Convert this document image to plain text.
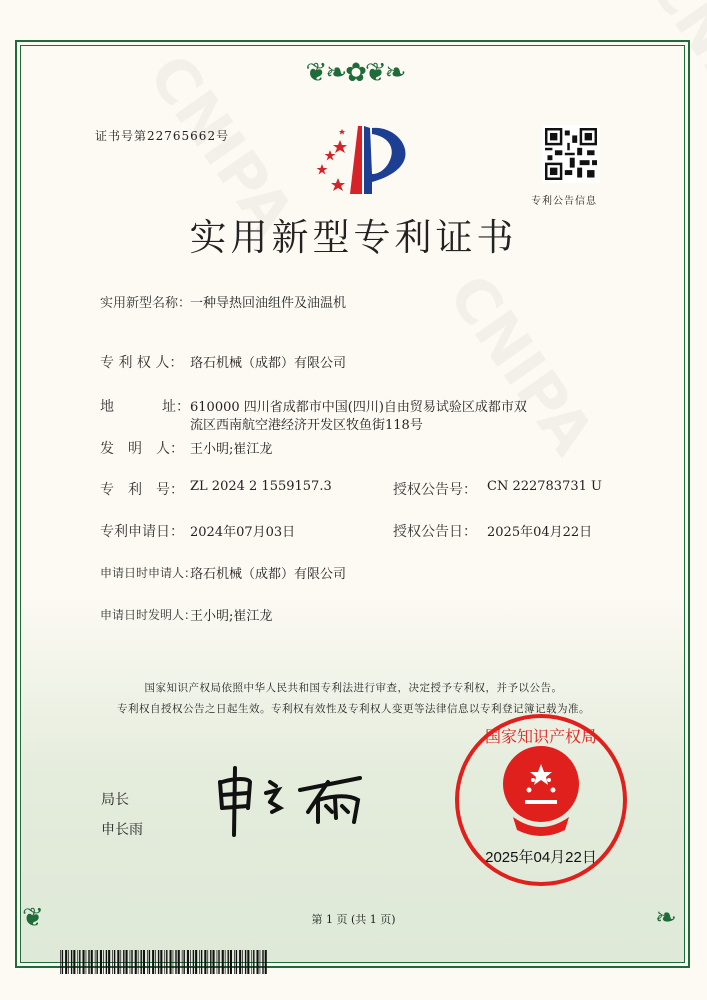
❦❧✿❦❧
❦	❧
证书号第22765662号
专利公告信息
实用新型专利证书
实用新型名称：
一种导热回油组件及油温机
专 利 权 人： 珞石机械（成都）有限公司
地	址： 610000 四川省成都市中国(四川)自由贸易试验区成都市双
流区西南航空港经济开发区牧鱼街118号
发　明　人： 王小明;崔江龙
专　利　号： ZL 2024 2 1559157.3	授权公告号： CN 222783731 U
专利申请日： 2024年07月03日	授权公告日： 2025年04月22日
申请日时申请人：
珞石机械（成都）有限公司
申请日时发明人：
王小明;崔江龙
国家知识产权局依照中华人民共和国专利法进行审查，决定授予专利权，并予以公告。
专利权自授权公告之日起生效。专利权有效性及专利权人变更等法律信息以专利登记簿记载为准。
局长
申长雨
2025年04月22日
国家知识产权局
第 1 页 (共 1 页)
